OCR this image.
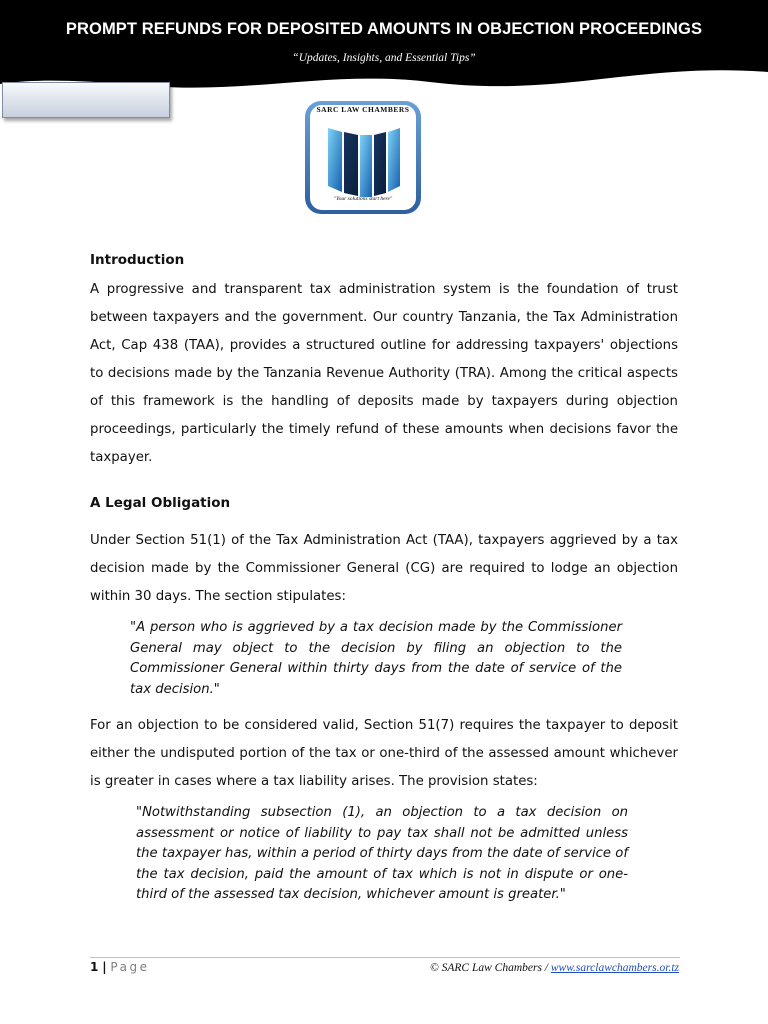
PROMPT REFUNDS FOR DEPOSITED AMOUNTS IN OBJECTION PROCEEDINGS
“Updates, Insights, and Essential Tips”
SARC LAW CHAMBERS
"Your solutions start here"
Introduction

A progressive and transparent tax administration system is the foundation of trust between taxpayers and the government. Our country Tanzania, the Tax Administration Act, Cap 438 (TAA), provides a structured outline for addressing taxpayers' objections to decisions made by the Tanzania Revenue Authority (TRA). Among the critical aspects of this framework is the handling of deposits made by taxpayers during objection proceedings, particularly the timely refund of these amounts when decisions favor the taxpayer.

A Legal Obligation

Under Section 51(1) of the Tax Administration Act (TAA), taxpayers aggrieved by a tax decision made by the Commissioner General (CG) are required to lodge an objection within 30 days. The section stipulates:

"A person who is aggrieved by a tax decision made by the Commissioner General may object to the decision by filing an objection to the Commissioner General within thirty days from the date of service of the tax decision."

For an objection to be considered valid, Section 51(7) requires the taxpayer to deposit either the undisputed portion of the tax or one-third of the assessed amount whichever is greater in cases where a tax liability arises. The provision states:

"Notwithstanding subsection (1), an objection to a tax decision on assessment or notice of liability to pay tax shall not be admitted unless the taxpayer has, within a period of thirty days from the date of service of the tax decision, paid the amount of tax which is not in dispute or one-third of the assessed tax decision, whichever amount is greater."

1 | Page	© SARC Law Chambers / www.sarclawchambers.or.tz
